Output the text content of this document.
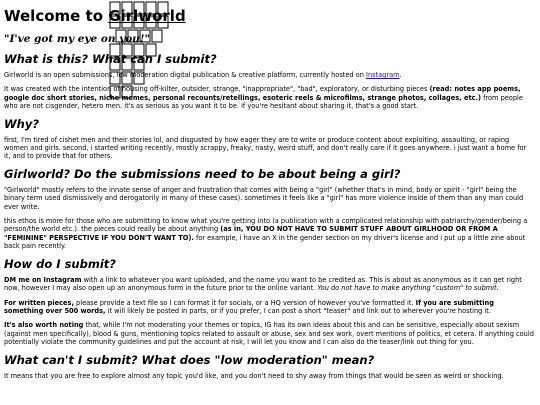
Welcome to Girlworld
"I've got my eye on you!"
What is this? What can I submit?

Girlworld is an open submissions, low moderation digital publication & creative platform, currently hosted on Instagram.

It was created with the intention of housing off-kilter, outsider, strange, "inappropriate", "bad", exploratory, or disturbing pieces (read: notes app poems, google doc short stories, niche memes, personal recounts/retellings, esoteric reels & microfilms, strange photos, collages, etc.) from people who are not cisgender, hetero men. it's as serious as you want it to be. if you're hesitant about sharing it, that's a good start.

Why?

first, I'm tired of cishet men and their stories lol, and disgusted by how eager they are to write or produce content about exploiting, assaulting, or raping women and girls. second, i started writing recently, mostly scrappy, freaky, nasty, weird stuff, and don't really care if it goes anywhere. i just want a home for it, and to provide that for others.

Girlworld? Do the submissions need to be about being a girl?

"Girlworld" mostly refers to the innate sense of anger and frustration that comes with being a "girl" (whether that's in mind, body or spirit - "girl" being the binary term used dismissively and derogatorily in many of these cases). sometimes it feels like a "girl" has more violence inside of them than any man could ever write.

this ethos is more for those who are submitting to know what you're getting into (a publication with a complicated relationship with patriarchy/gender/being a person/the world etc.). the pieces could really be about anything (as in, YOU DO NOT HAVE TO SUBMIT STUFF ABOUT GIRLHOOD OR FROM A "FEMININE" PERSPECTIVE IF YOU DON'T WANT TO). for example, i have an X in the gender section on my driver's license and i put up a little zine about back pain recently.

How do I submit?

DM me on Instagram with a link to whatever you want uploaded, and the name you want to be credited as. This is about as anonymous as it can get right now, however I may also open up an anonymous form in the future prior to the online variant. You do not have to make anything "custom" to submit.

For written pieces, please provide a text file so I can format it for socials, or a HQ version of however you've formatted it. If you are submitting something over 500 words, it will likely be posted in parts, or if you prefer, I can post a short "teaser" and link out to wherever you're hosting it.

It's also worth noting that, while I'm not moderating your themes or topics, IG has its own ideas about this and can be sensitive, especially about sexism (against men specifically), blood & guns, mentioning topics related to assault or abuse, sex and sex work, overt mentions of politics, et cetera. If anything could potentially violate the community guidelines and put the account at risk, I will let you know and I can also do the teaser/link out thing for you.

What can't I submit? What does "low moderation" mean?

It means that you are free to explore almost any topic you'd like, and you don't need to shy away from things that would be seen as weird or shocking.
